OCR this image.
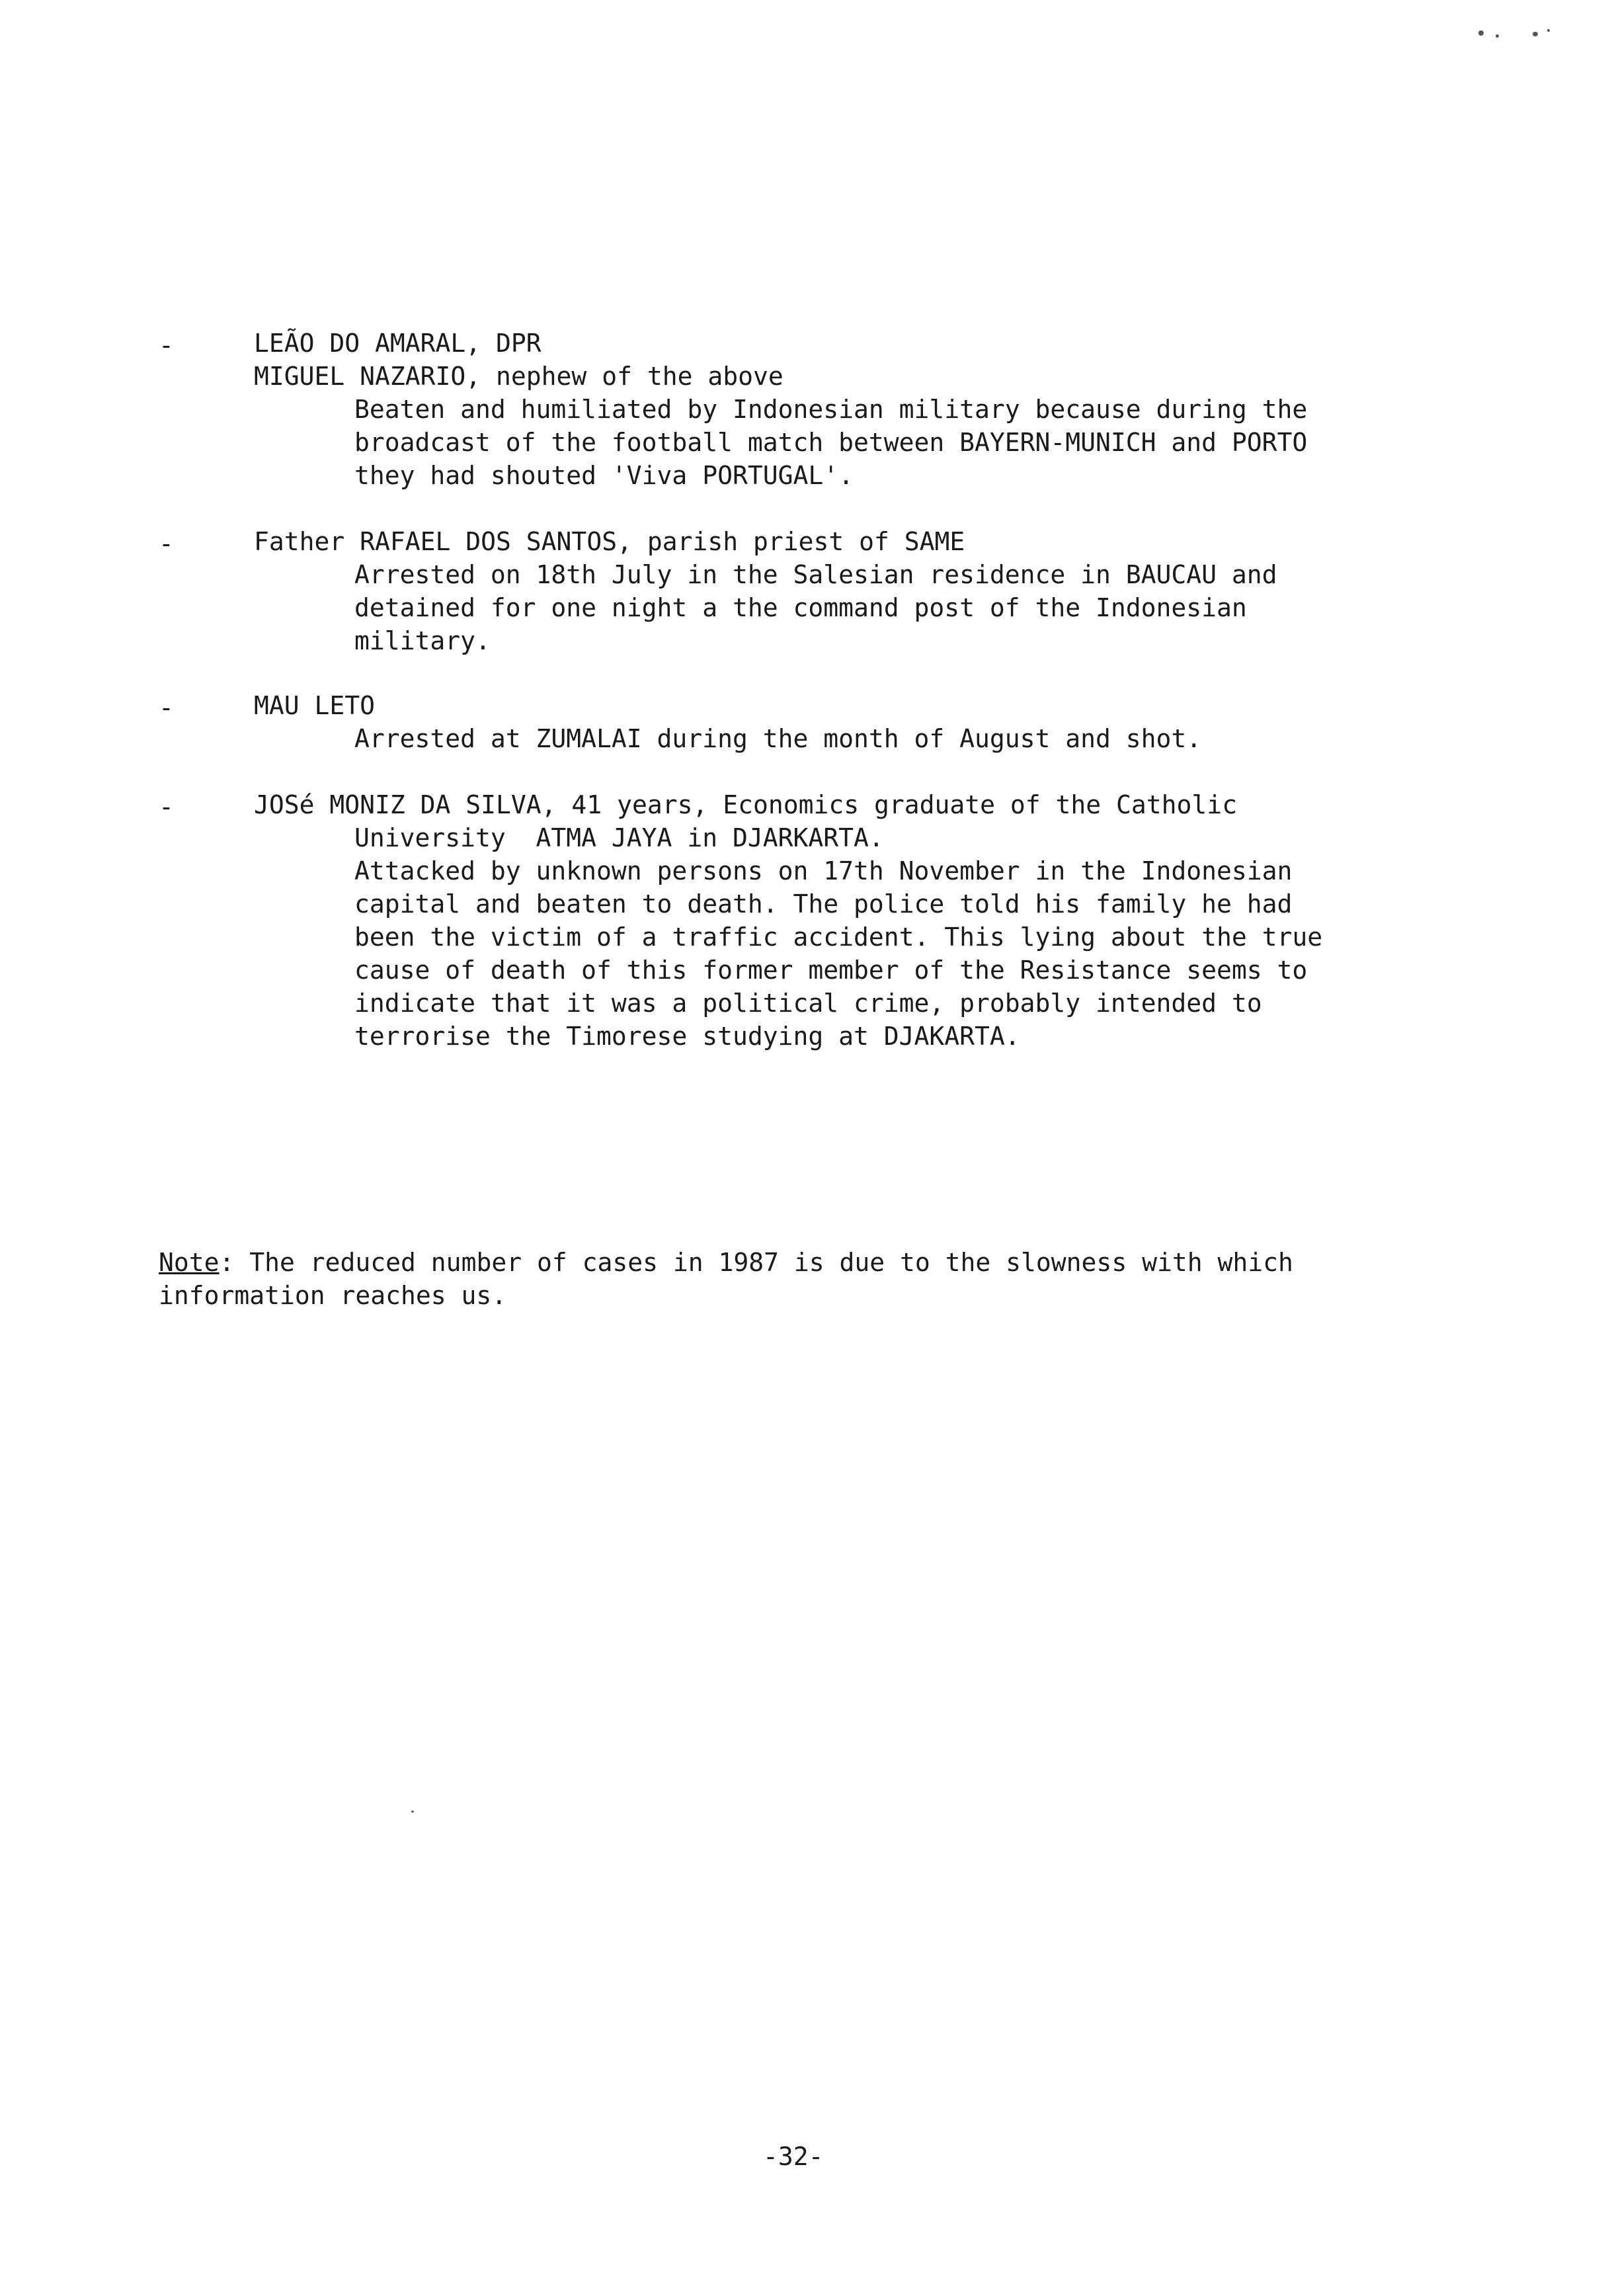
-	LEÃO DO AMARAL, DPR
MIGUEL NAZARIO, nephew of the above
Beaten and humiliated by Indonesian military because during the
broadcast of the football match between BAYERN-MUNICH and PORTO
they had shouted 'Viva PORTUGAL'.
-	Father RAFAEL DOS SANTOS, parish priest of SAME
Arrested on 18th July in the Salesian residence in BAUCAU and
detained for one night a the command post of the Indonesian
military.
-	MAU LETO
Arrested at ZUMALAI during the month of August and shot.
-	JOSé MONIZ DA SILVA, 41 years, Economics graduate of the Catholic
University  ATMA JAYA in DJARKARTA.
Attacked by unknown persons on 17th November in the Indonesian
capital and beaten to death. The police told his family he had
been the victim of a traffic accident. This lying about the true
cause of death of this former member of the Resistance seems to
indicate that it was a political crime, probably intended to
terrorise the Timorese studying at DJAKARTA.
Note: The reduced number of cases in 1987 is due to the slowness with which
information reaches us.
-32-
